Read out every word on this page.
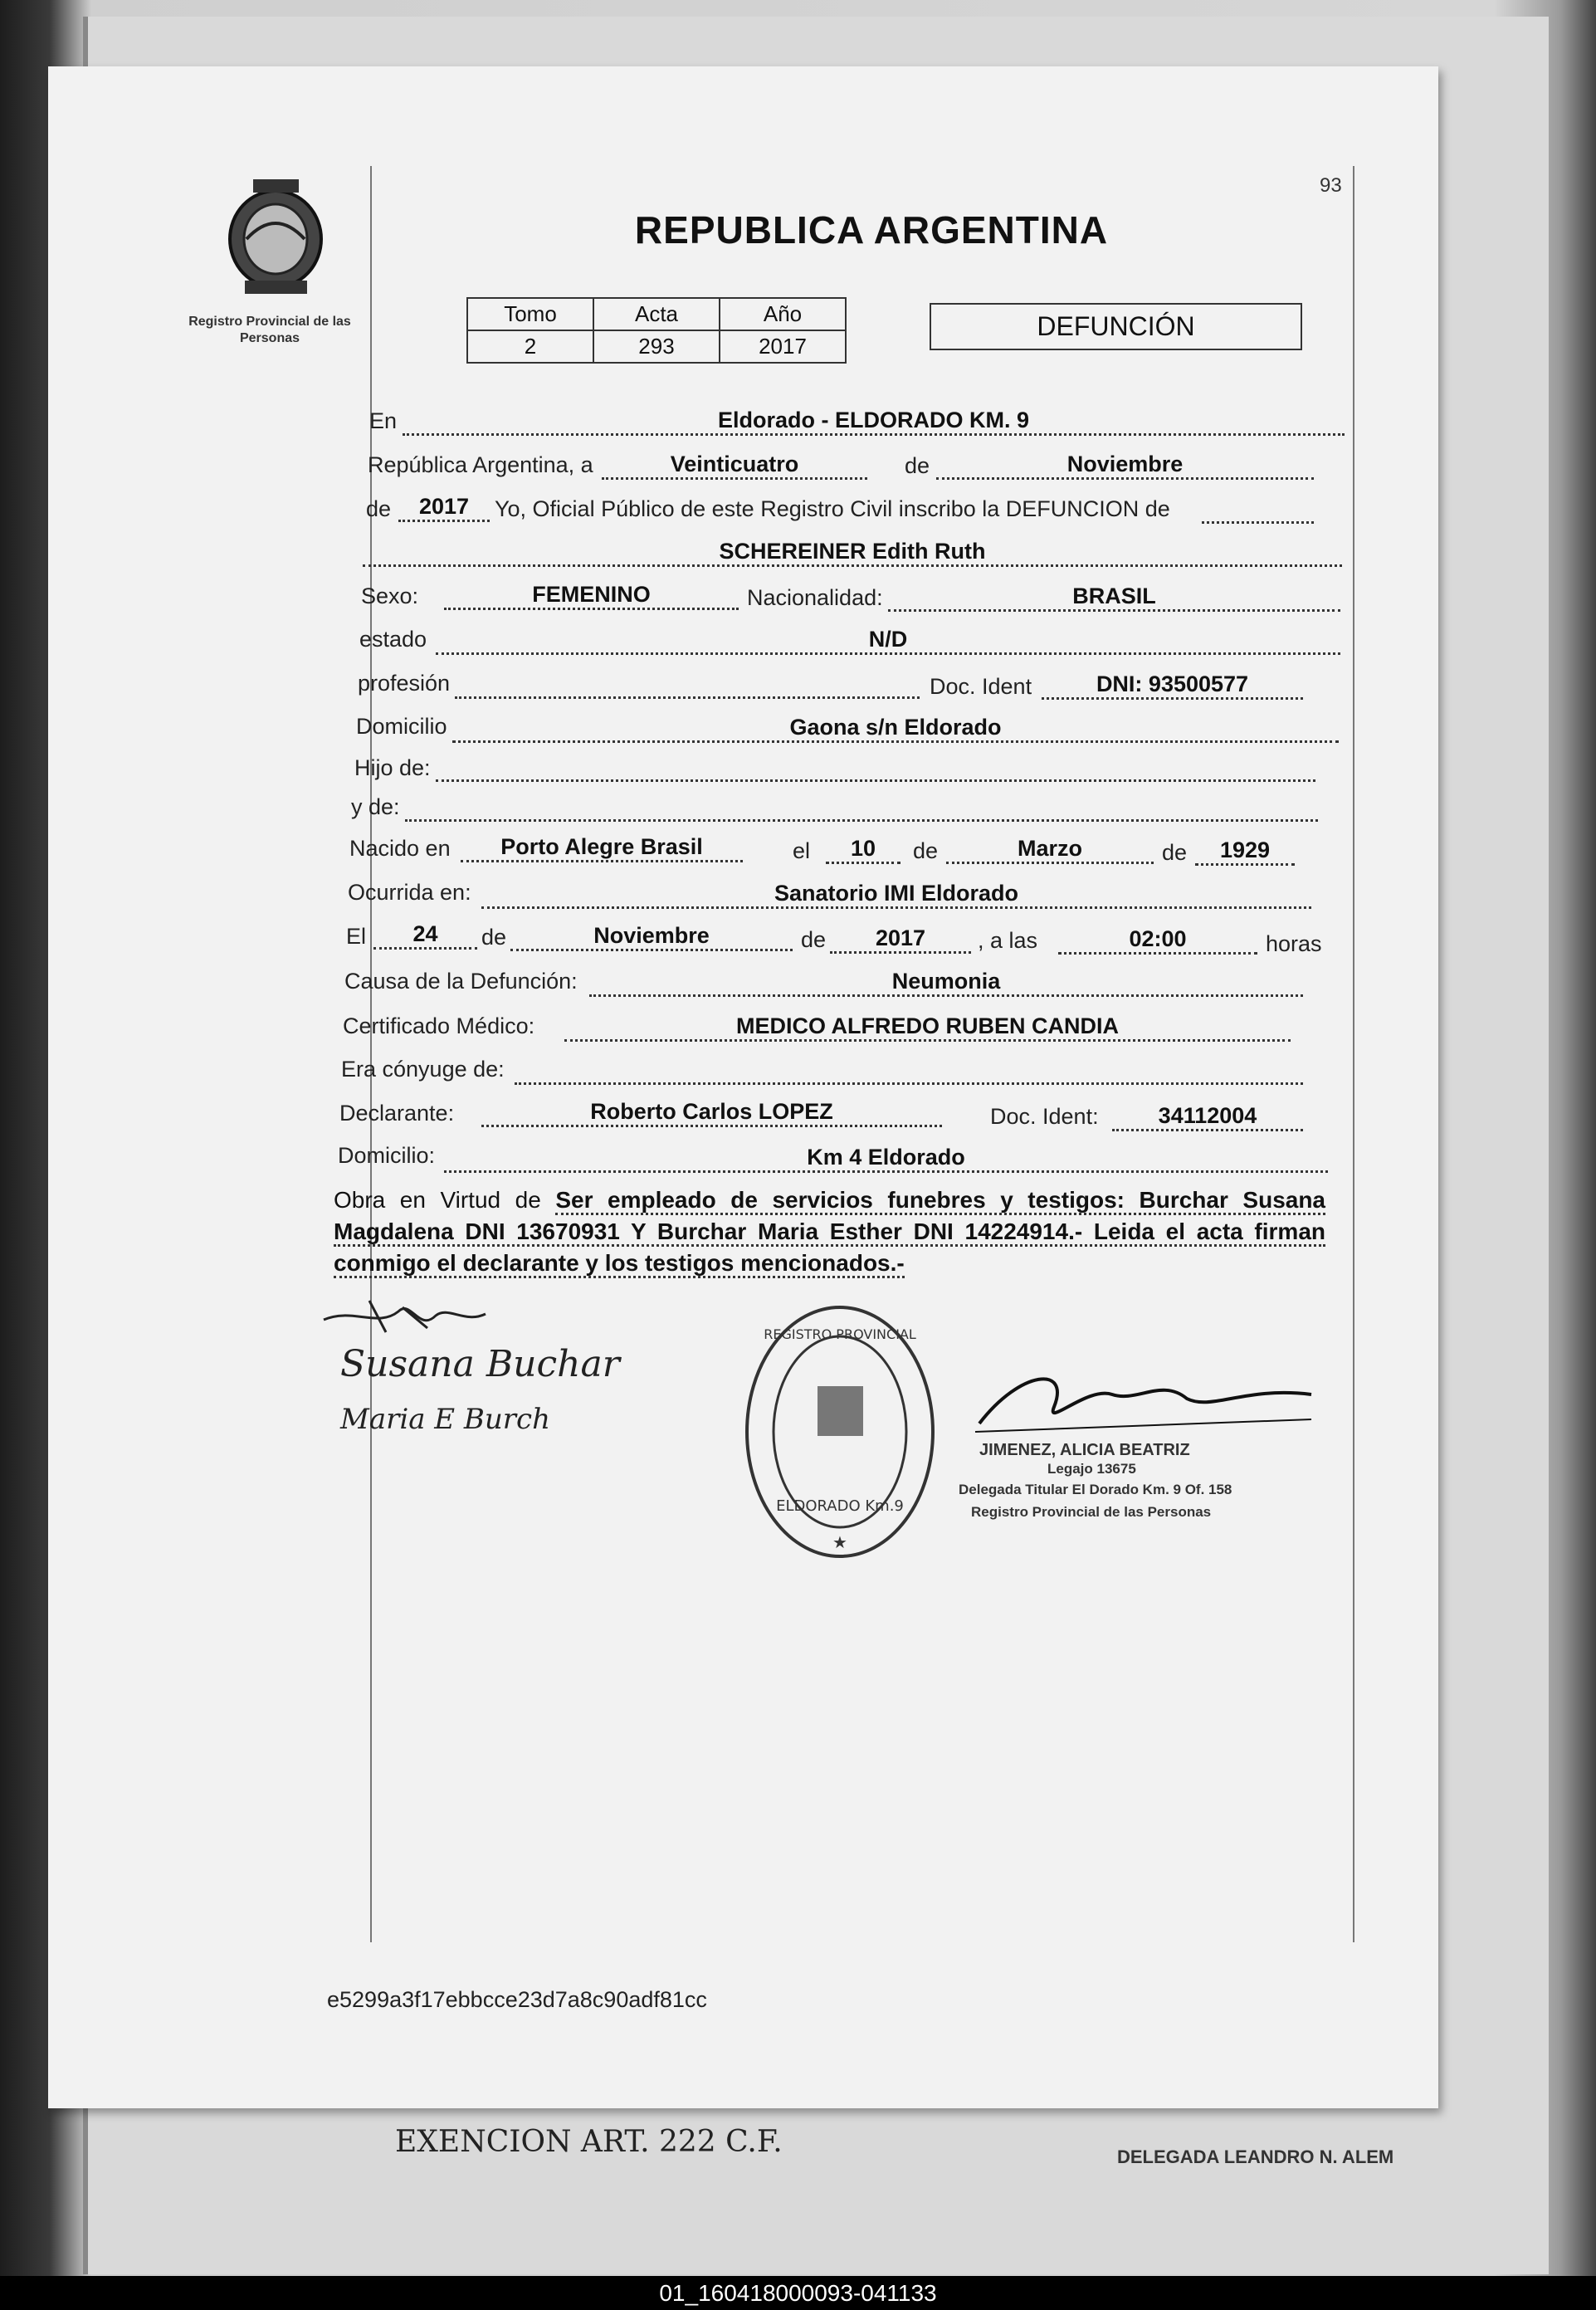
EXENCION ART. 222 C.F.	DELEGADA LEANDRO N. ALEM
Registro Provincial de las Personas
93
REPUBLICA ARGENTINA
Tomo	Acta	Año
2	293	2017
DEFUNCIÓN
En	Eldorado - ELDORADO KM. 9
República Argentina, a	Veinticuatro	de	Noviembre
de	2017	Yo, Oficial Público de este Registro Civil inscribo la DEFUNCION de
SCHEREINER Edith Ruth
Sexo:	FEMENINO	Nacionalidad:	BRASIL
estado	N/D
profesión	Doc. Ident	DNI: 93500577
Domicilio	Gaona s/n Eldorado
Hijo de:
y de:
Nacido en	Porto Alegre Brasil	el	10	de	Marzo	de	1929
Ocurrida en:	Sanatorio IMI Eldorado
El	24	de	Noviembre	de	2017	, a las	02:00	horas
Causa de la Defunción:	Neumonia
Certificado Médico:	MEDICO ALFREDO RUBEN CANDIA
Era cónyuge de:
Declarante:	Roberto Carlos LOPEZ	Doc. Ident:	34112004
Domicilio:	Km 4 Eldorado
Obra en Virtud de Ser empleado de servicios funebres y testigos: Burchar Susana Magdalena DNI 13670931 Y Burchar Maria Esther DNI 14224914.- Leida el acta firman conmigo el declarante y los testigos mencionados.-
Susana Buchar
Maria E Burch
REGISTRO PROVINCIAL
ELDORADO Km.9
★
JIMENEZ, ALICIA BEATRIZ
Legajo 13675
Delegada Titular El Dorado Km. 9 Of. 158
Registro Provincial de las Personas
e5299a3f17ebbcce23d7a8c90adf81cc
01_160418000093-041133
